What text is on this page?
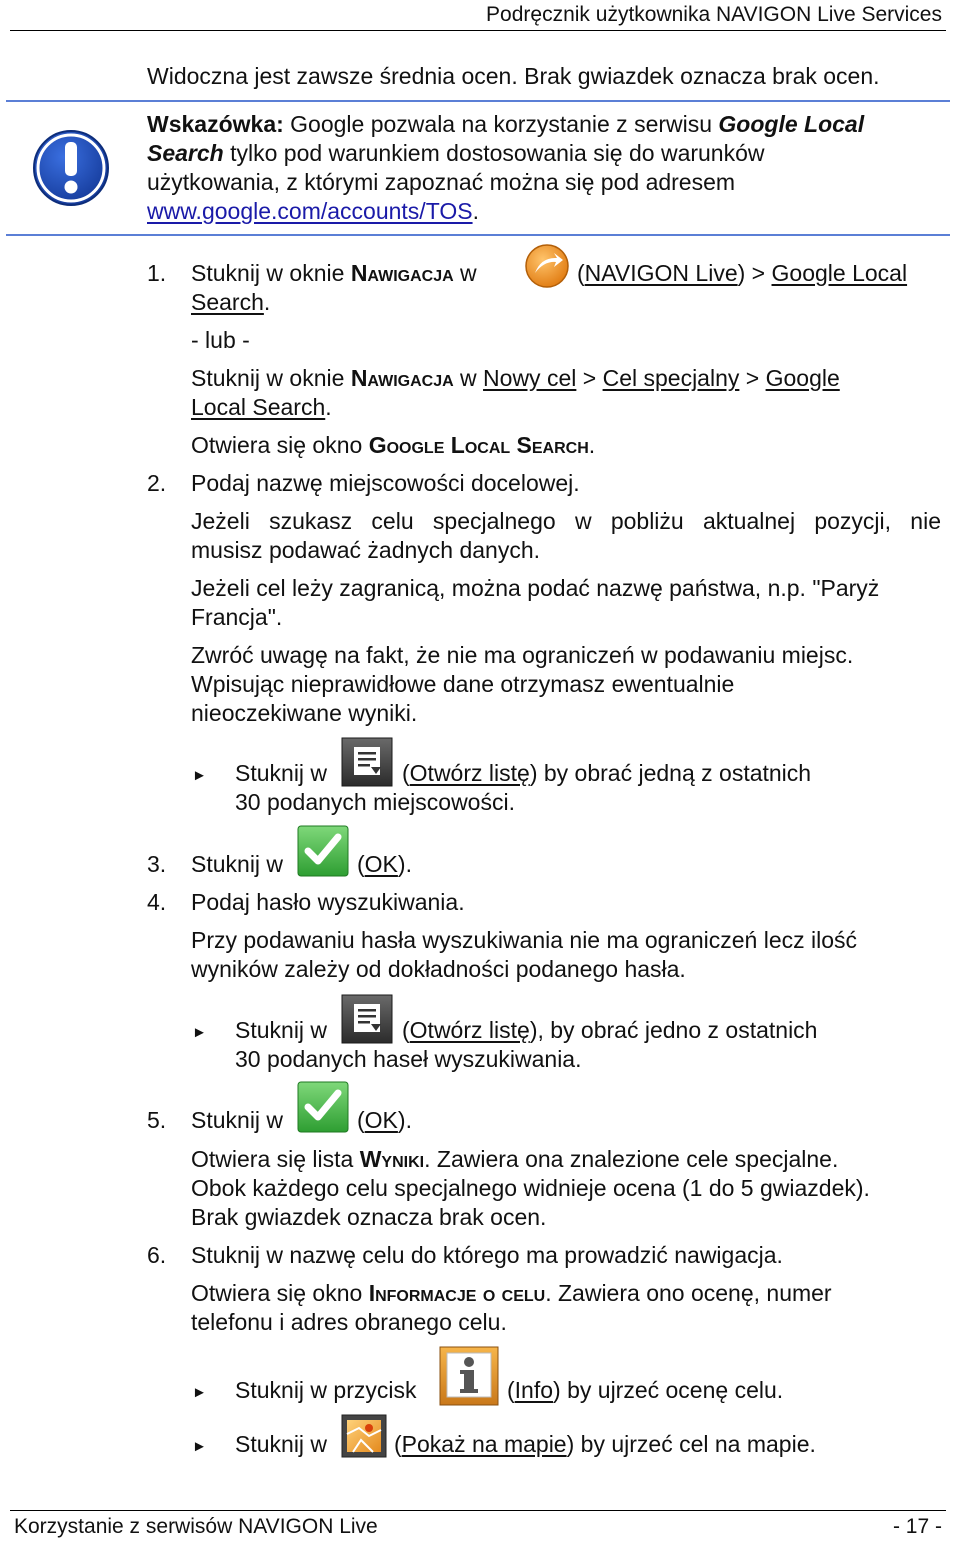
Podręcznik użytkownika NAVIGON Live Services
Widoczna jest zawsze średnia ocen. Brak gwiazdek oznacza brak ocen.
Wskazówka: Google pozwala na korzystanie z serwisu Google Local
Search tylko pod warunkiem dostosowania się do warunków
użytkowania, z którymi zapoznać można się pod adresem
www.google.com/accounts/TOS.
1. Stuknij w oknie Nawigacja w	(NAVIGON Live) > Google Local
Search.
- lub -
Stuknij w oknie Nawigacja w Nowy cel > Cel specjalny > Google
Local Search.
Otwiera się okno Google Local Search.
2. Podaj nazwę miejscowości docelowej.
Jeżeli szukasz celu specjalnego w pobliżu aktualnej pozycji, nie
musisz podawać żadnych danych.
Jeżeli cel leży zagranicą, można podać nazwę państwa, n.p. "Paryż
Francja".
Zwróć uwagę na fakt, że nie ma ograniczeń w podawaniu miejsc.
Wpisując nieprawidłowe dane otrzymasz ewentualnie
nieoczekiwane wyniki.
► Stuknij w	(Otwórz listę) by obrać jedną z ostatnich
30 podanych miejscowości.
3. Stuknij w	(OK).
4. Podaj hasło wyszukiwania.
Przy podawaniu hasła wyszukiwania nie ma ograniczeń lecz ilość
wyników zależy od dokładności podanego hasła.
► Stuknij w	(Otwórz listę), by obrać jedno z ostatnich
30 podanych haseł wyszukiwania.
5. Stuknij w	(OK).
Otwiera się lista Wyniki. Zawiera ona znalezione cele specjalne.
Obok każdego celu specjalnego widnieje ocena (1 do 5 gwiazdek).
Brak gwiazdek oznacza brak ocen.
6. Stuknij w nazwę celu do którego ma prowadzić nawigacja.
Otwiera się okno Informacje o celu. Zawiera ono ocenę, numer
telefonu i adres obranego celu.
► Stuknij w przycisk	(Info) by ujrzeć ocenę celu.
► Stuknij w	(Pokaż na mapie) by ujrzeć cel na mapie.
Korzystanie z serwisów NAVIGON Live	- 17 -
